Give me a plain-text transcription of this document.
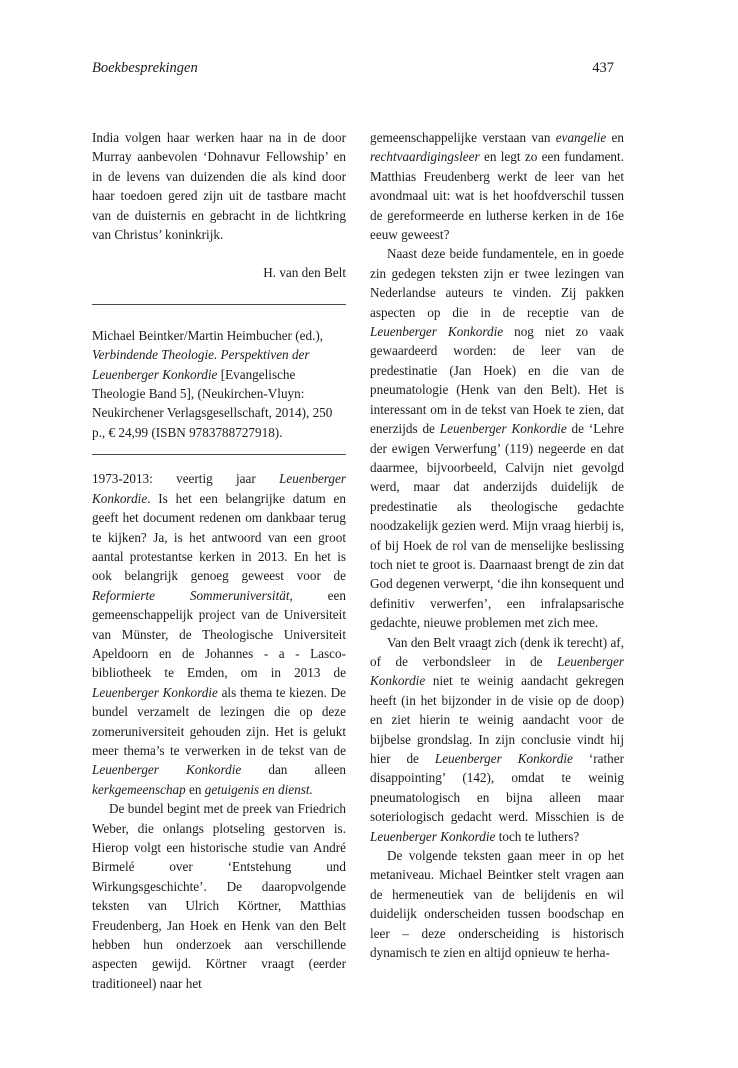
Boekbesprekingen	437

India volgen haar werken haar na in de door Murray aanbevolen ‘Dohnavur Fellowship’ en in de levens van duizenden die als kind door haar toedoen gered zijn uit de tastbare macht van de duisternis en gebracht in de lichtkring van Christus’ koninkrijk.

H. van den Belt

Michael Beintker/Martin Heimbucher (ed.), Verbindende Theologie. Perspektiven der Leuenberger Konkordie [Evangelische Theologie Band 5], (Neukirchen-Vluyn: Neukirchener Verlagsgesellschaft, 2014), 250 p., € 24,99 (ISBN 9783788727918).

1973-2013: veertig jaar Leuenberger Konkordie. Is het een belangrijke datum en geeft het document redenen om dankbaar terug te kijken? Ja, is het antwoord van een groot aantal protestantse kerken in 2013. En het is ook belangrijk genoeg geweest voor de Reformierte Sommeruniversität, een gemeenschappelijk project van de Universiteit van Münster, de Theologische Universiteit Apeldoorn en de Johannes - a - Lasco-bibliotheek te Emden, om in 2013 de Leuenberger Konkordie als thema te kiezen. De bundel verzamelt de lezingen die op deze zomeruniversiteit gehouden zijn. Het is gelukt meer thema’s te verwerken in de tekst van de Leuenberger Konkordie dan alleen kerkgemeenschap en getuigenis en dienst.

De bundel begint met de preek van Friedrich Weber, die onlangs plotseling gestorven is. Hierop volgt een historische studie van André Birmelé over ‘Entstehung und Wirkungsgeschichte’. De daaropvolgende teksten van Ulrich Körtner, Matthias Freudenberg, Jan Hoek en Henk van den Belt hebben hun onderzoek aan verschillende aspecten gewijd. Körtner vraagt (eerder traditioneel) naar het

gemeenschappelijke verstaan van evangelie en rechtvaardigingsleer en legt zo een fundament. Matthias Freudenberg werkt de leer van het avondmaal uit: wat is het hoofdverschil tussen de gereformeerde en lutherse kerken in de 16e eeuw geweest?

Naast deze beide fundamentele, en in goede zin gedegen teksten zijn er twee lezingen van Nederlandse auteurs te vinden. Zij pakken aspecten op die in de receptie van de Leuenberger Konkordie nog niet zo vaak gewaardeerd worden: de leer van de predestinatie (Jan Hoek) en die van de pneumatologie (Henk van den Belt). Het is interessant om in de tekst van Hoek te zien, dat enerzijds de Leuenberger Konkordie de ‘Lehre der ewigen Verwerfung’ (119) negeerde en dat daarmee, bijvoorbeeld, Calvijn niet gevolgd werd, maar dat anderzijds duidelijk de predestinatie als theologische gedachte noodzakelijk gezien werd. Mijn vraag hierbij is, of bij Hoek de rol van de menselijke beslissing toch niet te groot is. Daarnaast brengt de zin dat God degenen verwerpt, ‘die ihn konsequent und definitiv verwerfen’, een infralapsarische gedachte, nieuwe problemen met zich mee.

Van den Belt vraagt zich (denk ik terecht) af, of de verbondsleer in de Leuenberger Konkordie niet te weinig aandacht gekregen heeft (in het bijzonder in de visie op de doop) en ziet hierin te weinig aandacht voor de bijbelse grondslag. In zijn conclusie vindt hij hier de Leuenberger Konkordie ‘rather disappointing’ (142), omdat te weinig pneumatologisch en bijna alleen maar soteriologisch gedacht werd. Misschien is de Leuenberger Konkordie toch te luthers?

De volgende teksten gaan meer in op het metaniveau. Michael Beintker stelt vragen aan de hermeneutiek van de belijdenis en wil duidelijk onderscheiden tussen boodschap en leer – deze onderscheiding is historisch dynamisch te zien en altijd opnieuw te herha-
